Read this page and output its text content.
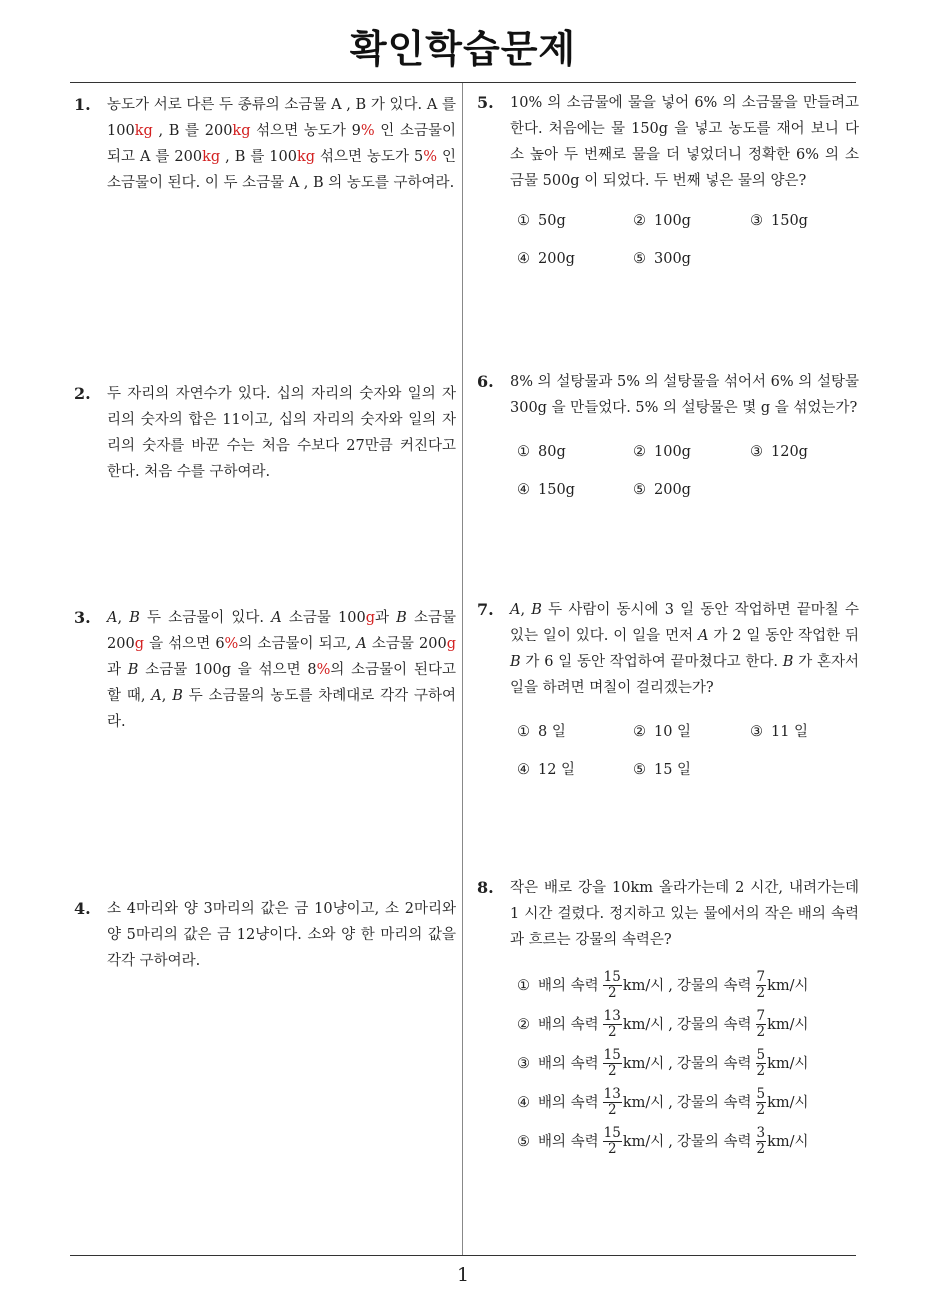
확인학습문제
1
1. 농도가 서로 다른 두 종류의 소금물 A , B 가 있다. A 를 100kg , B 를 200kg 섞으면 농도가 9% 인 소금물이 되고 A 를 200kg , B 를 100kg 섞으면 농도가 5% 인 소금물이 된다. 이 두 소금물 A , B 의 농도를 구하여라.
2. 두 자리의 자연수가 있다. 십의 자리의 숫자와 일의 자리의 숫자의 합은 11이고, 십의 자리의 숫자와 일의 자리의 숫자를 바꾼 수는 처음 수보다 27만큼 커진다고 한다. 처음 수를 구하여라.
3. A, B 두 소금물이 있다. A 소금물 100g과 B 소금물 200g 을 섞으면 6%의 소금물이 되고, A 소금물 200g과 B 소금물 100g 을 섞으면 8%의 소금물이 된다고 할 때, A, B 두 소금물의 농도를 차례대로 각각 구하여라.
4. 소 4마리와 양 3마리의 값은 금 10냥이고, 소 2마리와 양 5마리의 값은 금 12냥이다. 소와 양 한 마리의 값을 각각 구하여라.
5. 10% 의 소금물에 물을 넣어 6% 의 소금물을 만들려고 한다. 처음에는 물 150g 을 넣고 농도를 재어 보니 다소 높아 두 번째로 물을 더 넣었더니 정확한 6% 의 소금물 500g 이 되었다. 두 번째 넣은 물의 양은?
① 50g	② 100g	③ 150g
④ 200g	⑤ 300g
6. 8% 의 설탕물과 5% 의 설탕물을 섞어서 6% 의 설탕물 300g 을 만들었다. 5% 의 설탕물은 몇 g 을 섞었는가?
① 80g	② 100g	③ 120g
④ 150g	⑤ 200g
7. A, B 두 사람이 동시에 3 일 동안 작업하면 끝마칠 수 있는 일이 있다. 이 일을 먼저 A 가 2 일 동안 작업한 뒤 B 가 6 일 동안 작업하여 끝마쳤다고 한다. B 가 혼자서 일을 하려면 며칠이 걸리겠는가?
① 8 일	② 10 일	③ 11 일
④ 12 일	⑤ 15 일
8. 작은 배로 강을 10km 올라가는데 2 시간, 내려가는데 1 시간 걸렸다. 정지하고 있는 물에서의 작은 배의 속력과 흐르는 강물의 속력은?
① 배의 속력 $\frac{15}{2} km/$시 , 강물의 속력 $\frac{7}{2} km/$시
② 배의 속력 $\frac{13}{2} km/$시 , 강물의 속력 $\frac{7}{2} km/$시
③ 배의 속력 $\frac{15}{2} km/$시 , 강물의 속력 $\frac{5}{2} km/$시
④ 배의 속력 $\frac{13}{2} km/$시 , 강물의 속력 $\frac{5}{2} km/$시
⑤ 배의 속력 $\frac{15}{2} km/$시 , 강물의 속력 $\frac{3}{2} km/$시
